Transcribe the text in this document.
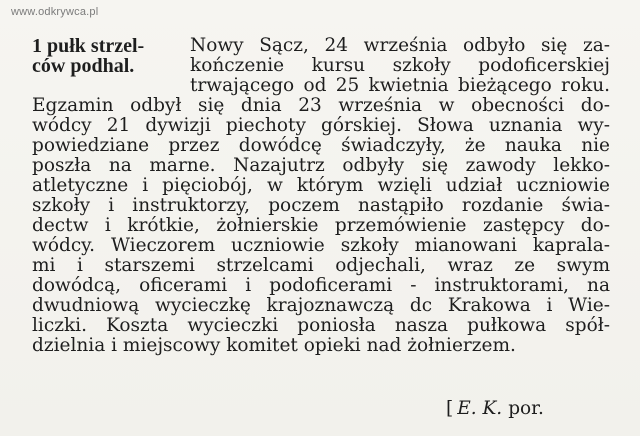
www.odkrywca.pl
1 pułk strzel-
ców podhal.
Nowy Sącz, 24 września odbyło się za-
kończenie kursu szkoły podoficerskiej
trwającego od 25 kwietnia bieżącego roku.
Egzamin odbył się dnia 23 września w obecności do-
wódcy 21 dywizji piechoty górskiej. Słowa uznania wy-
powiedziane przez dowódcę świadczyły, że nauka nie
poszła na marne. Nazajutrz odbyły się zawody lekko-
atletyczne i pięciobój, w którym wzięli udział uczniowie
szkoły i instruktorzy, poczem nastąpiło rozdanie świa-
dectw i krótkie, żołnierskie przemówienie zastępcy do-
wódcy. Wieczorem uczniowie szkoły mianowani kaprala-
mi i starszemi strzelcami odjechali, wraz ze swym
dowódcą, oficerami i podoficerami - instruktorami, na
dwudniową wycieczkę krajoznawczą dc Krakowa i Wie-
liczki. Koszta wycieczki poniosła nasza pułkowa spół-
dzielnia i miejscowy komitet opieki nad żołnierzem.
[ E. K. por.
